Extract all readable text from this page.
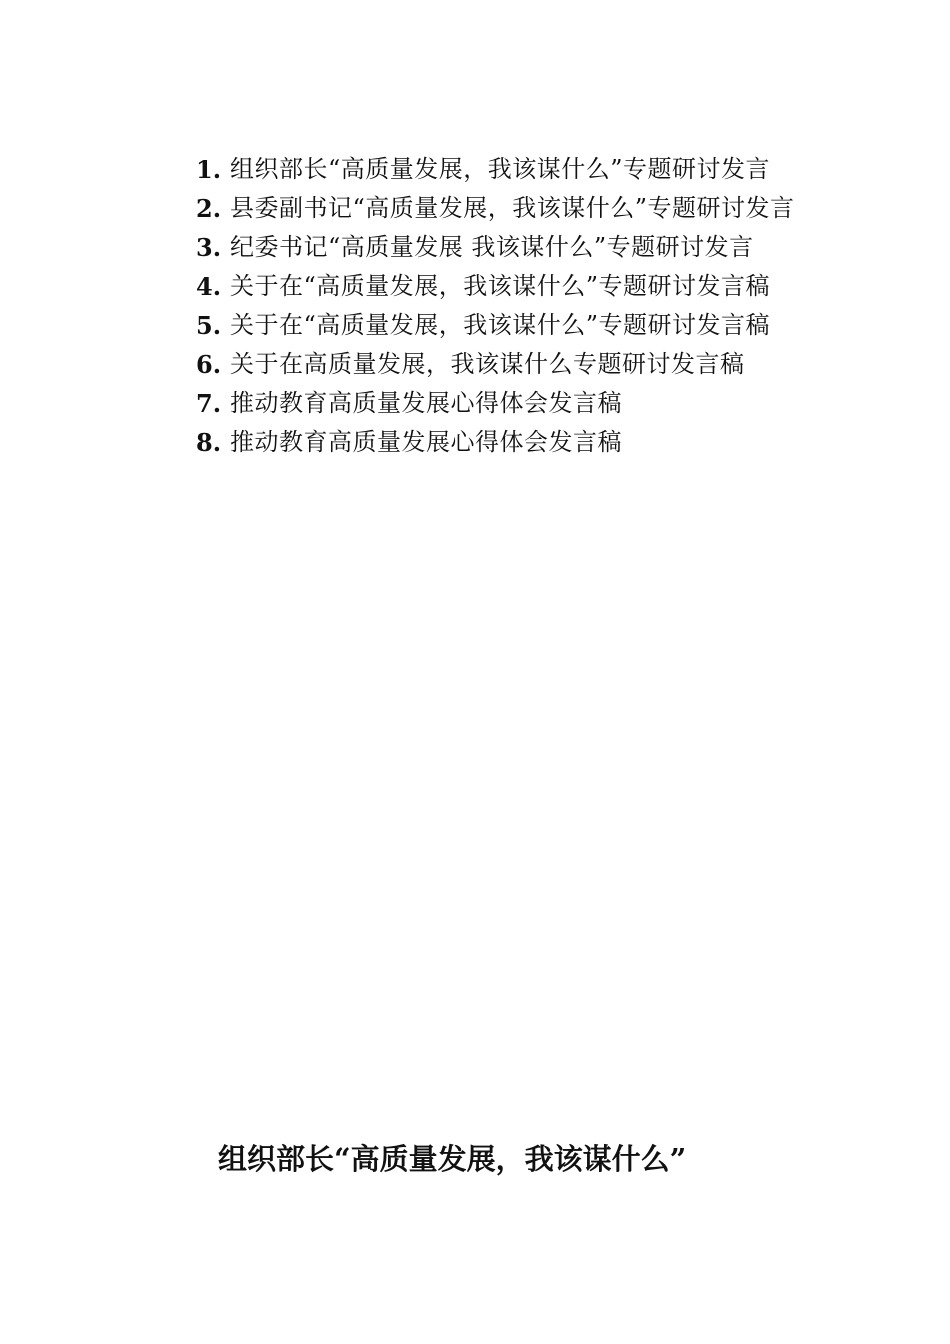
1. 组织部长“高质量发展，我该谋什么”专题研讨发言
2. 县委副书记“高质量发展，我该谋什么”专题研讨发言
3. 纪委书记“高质量发展 我该谋什么”专题研讨发言
4. 关于在“高质量发展，我该谋什么”专题研讨发言稿
5. 关于在“高质量发展，我该谋什么”专题研讨发言稿
6. 关于在高质量发展，我该谋什么专题研讨发言稿
7. 推动教育高质量发展心得体会发言稿
8. 推动教育高质量发展心得体会发言稿
组织部长“高质量发展，我该谋什么”
